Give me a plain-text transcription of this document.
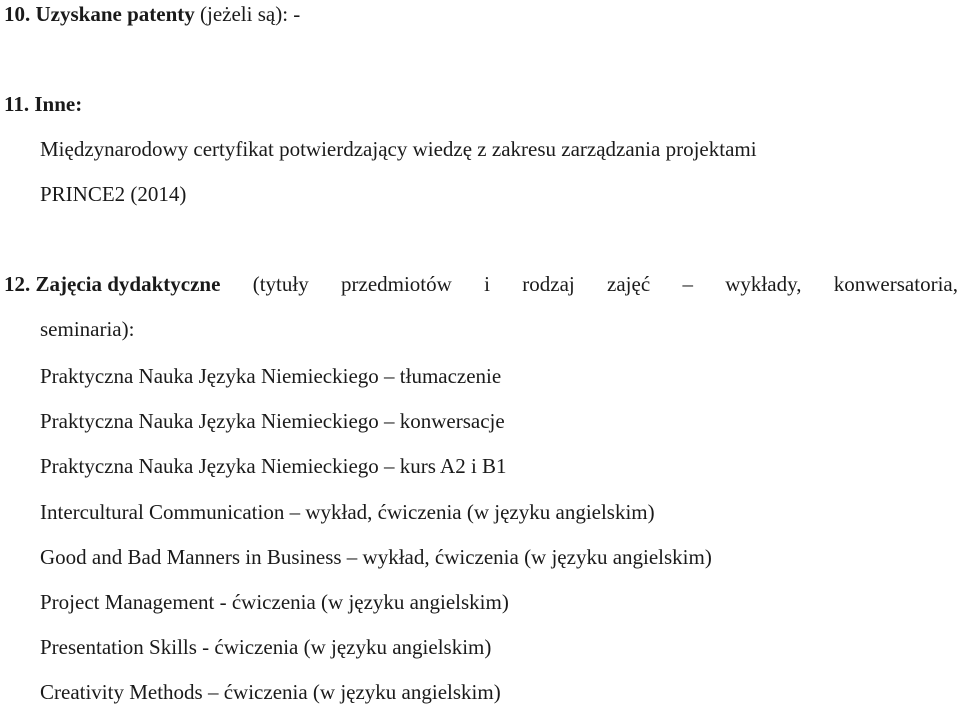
10. Uzyskane patenty (jeżeli są): -
11. Inne:
Międzynarodowy certyfikat potwierdzający wiedzę z zakresu zarządzania projektami
PRINCE2 (2014)
12. Zajęcia dydaktyczne (tytuły przedmiotów i rodzaj zajęć – wykłady, konwersatoria,
seminaria):
Praktyczna Nauka Języka Niemieckiego – tłumaczenie
Praktyczna Nauka Języka Niemieckiego – konwersacje
Praktyczna Nauka Języka Niemieckiego – kurs A2 i B1
Intercultural Communication – wykład, ćwiczenia (w języku angielskim)
Good and Bad Manners in Business – wykład, ćwiczenia (w języku angielskim)
Project Management - ćwiczenia (w języku angielskim)
Presentation Skills - ćwiczenia (w języku angielskim)
Creativity Methods – ćwiczenia (w języku angielskim)
